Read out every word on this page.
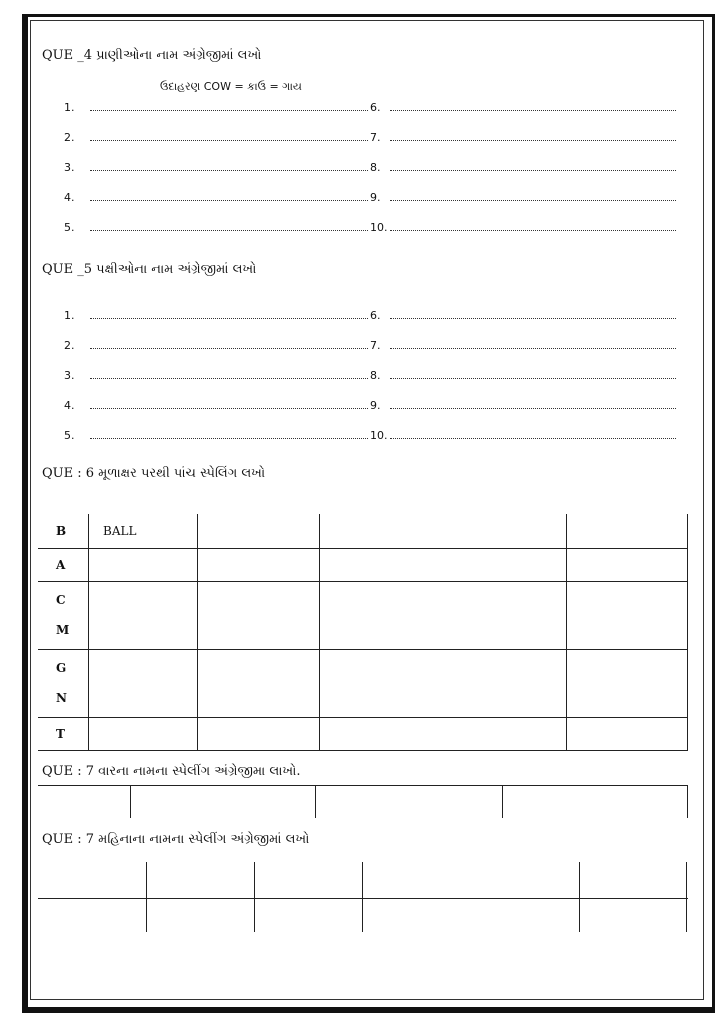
QUE _4 પ્રાણીઓના નામ અંગ્રેજીમાં લખો
ઉદાહરણ COW = કાઉ = ગાય
1.	6.
2.	7.
3.	8.
4.	9.
5.	10.
QUE _5 પક્ષીઓના નામ અંગ્રેજીમાં લખો
1.	6.
2.	7.
3.	8.
4.	9.
5.	10.
QUE : 6 મૂળાક્ષર પરથી પાંચ સ્પેલિંગ લખો
B	BALL			
A				

C
M				

G
N				

T				
QUE : 7 વારના નામના સ્પેલીંગ અંગ્રેજીમા લાખો.
QUE : 7 મહિનાના નામના સ્પેલીંગ અંગ્રેજીમાં લખો
